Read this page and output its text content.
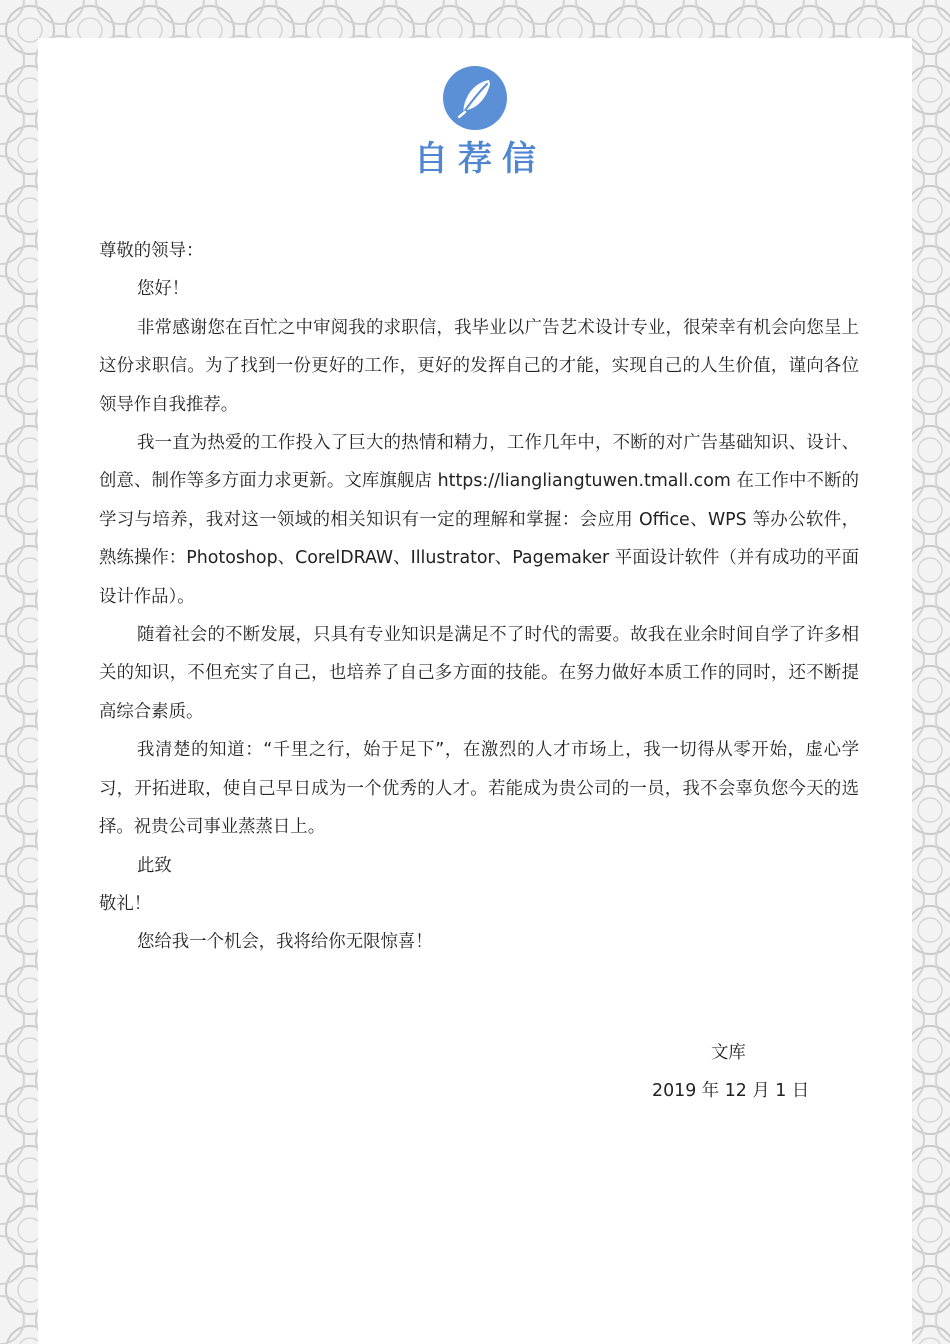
自荐信

尊敬的领导：

您好！

非常感谢您在百忙之中审阅我的求职信，我毕业以广告艺术设计专业，很荣幸有机会向您呈上这份求职信。为了找到一份更好的工作，更好的发挥自己的才能，实现自己的人生价值，谨向各位领导作自我推荐。

我一直为热爱的工作投入了巨大的热情和精力，工作几年中，不断的对广告基础知识、设计、创意、制作等多方面力求更新。文库旗舰店 https://liangliangtuwen.tmall.com 在工作中不断的学习与培养，我对这一领域的相关知识有一定的理解和掌握：会应用 Office、WPS 等办公软件，熟练操作：Photoshop、CorelDRAW、Illustrator、Pagemaker 平面设计软件（并有成功的平面设计作品）。

随着社会的不断发展，只具有专业知识是满足不了时代的需要。故我在业余时间自学了许多相关的知识，不但充实了自己，也培养了自己多方面的技能。在努力做好本质工作的同时，还不断提高综合素质。

我清楚的知道：“千里之行，始于足下”，在激烈的人才市场上，我一切得从零开始，虚心学习，开拓进取，使自己早日成为一个优秀的人才。若能成为贵公司的一员，我不会辜负您今天的选择。祝贵公司事业蒸蒸日上。

此致

敬礼！

您给我一个机会，我将给你无限惊喜！

文库
2019 年 12 月 1 日
